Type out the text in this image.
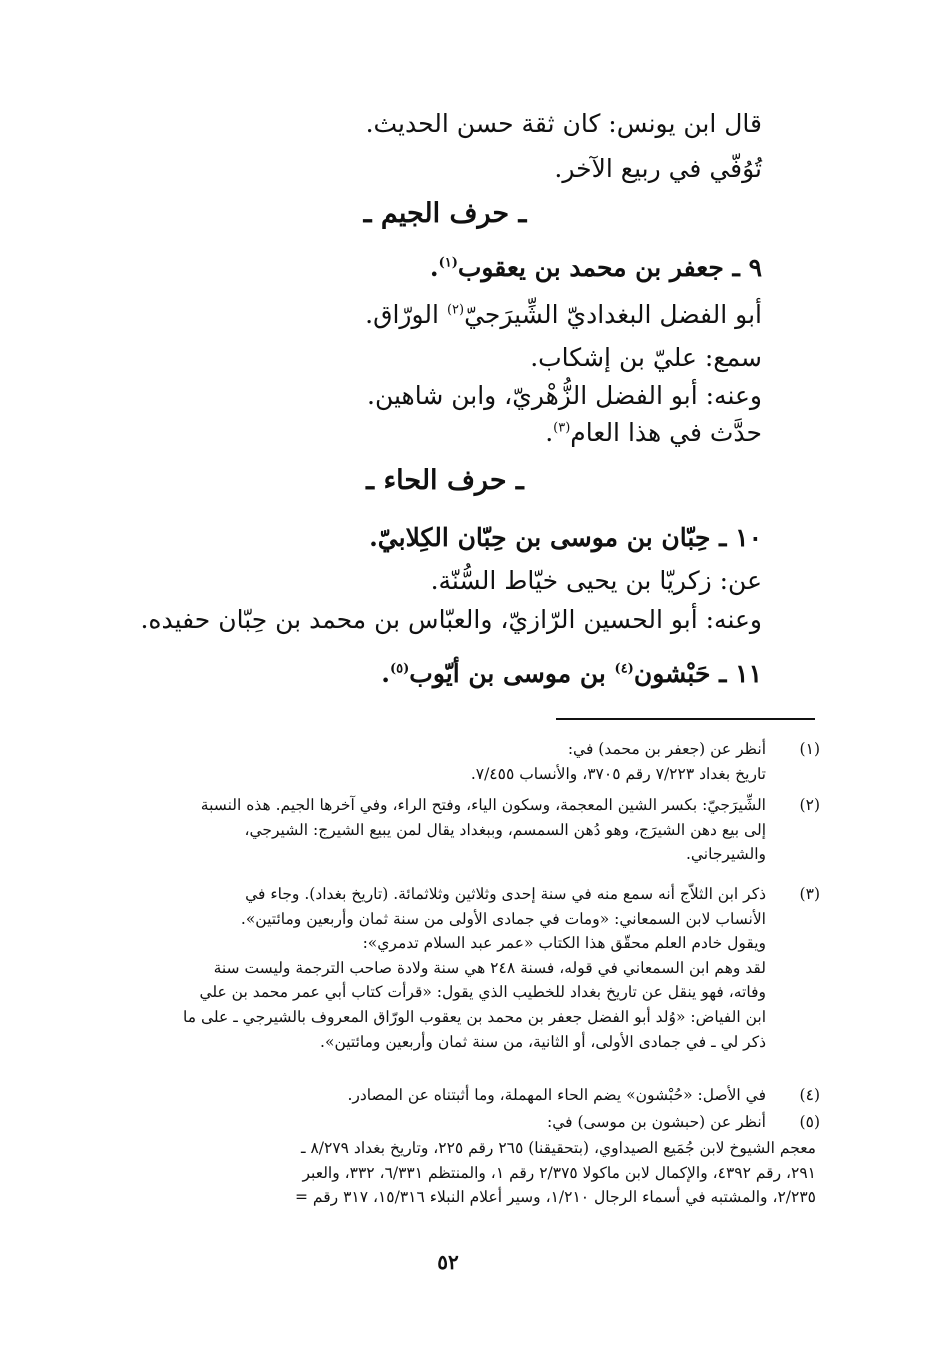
قال ابن يونس: كان ثقة حسن الحديث.
تُوُفّي في ربيع الآخر.
ـ حرف الجيم ـ
٩ ـ جعفر بن محمد بن يعقوب$^{(١)}$.
أبو الفضل البغداديّ الشِّيرَجيّ$^{(٢)}$ الورّاق.
سمع: عليّ بن إشكاب.
وعنه: أبو الفضل الزُّهْريّ، وابن شاهين.
حدَّث في هذا العام$^{(٣)}$.
ـ حرف الحاء ـ
١٠ ـ حِبّان بن موسى بن حِبّان الكِلابيّ.
عن: زكريّا بن يحيى خيّاط السُّنّة.
وعنه: أبو الحسين الرّازيّ، والعبّاس بن محمد بن حِبّان حفيده.
١١ ـ حَبْشون$^{(٤)}$ بن موسى بن أيّوب$^{(٥)}$.
(١)
أنظر عن (جعفر بن محمد) في:
تاريخ بغداد ٧/٢٢٣ رقم ٣٧٠٥، والأنساب ٧/٤٥٥.
(٢)
الشِّيرَجيّ: بكسر الشين المعجمة، وسكون الياء، وفتح الراء، وفي آخرها الجيم. هذه النسبة
إلى بيع دهن الشيرَج، وهو دُهن السمسم، وببغداد يقال لمن يبيع الشيرج: الشيرجي،
والشيرجاني.
(٣)
ذكر ابن الثلاّج أنه سمع منه في سنة إحدى وثلاثين وثلاثمائة. (تاريخ بغداد). وجاء في
الأنساب لابن السمعاني: «ومات في جمادى الأولى من سنة ثمان وأربعين ومائتين».
ويقول خادم العلم محقّق هذا الكتاب «عمر عبد السلام تدمري»:
لقد وهم ابن السمعاني في قوله، فسنة ٢٤٨ هي سنة ولادة صاحب الترجمة وليست سنة
وفاته، فهو ينقل عن تاريخ بغداد للخطيب الذي يقول: «قرأت كتاب أبي عمر محمد بن علي
ابن الفياض: «وُلد أبو الفضل جعفر بن محمد بن يعقوب الورّاق المعروف بالشيرجي ـ على ما
ذكر لي ـ في جمادى الأولى، أو الثانية، من سنة ثمان وأربعين ومائتين».
(٤)
في الأصل: «حُبْشون» يضم الحاء المهملة، وما أثبتناه عن المصادر.
(٥)
أنظر عن (حبشون بن موسى) في:
معجم الشيوخ لابن جُمَيع الصيداوي، (بتحقيقنا) ٢٦٥ رقم ٢٢٥، وتاريخ بغداد ٨/٢٧٩ ـ
٢٩١، رقم ٤٣٩٢، والإكمال لابن ماكولا ٢/٣٧٥ رقم ١، والمنتظم ٦/٣٣١، ٣٣٢، والعبر
٢/٢٣٥، والمشتبه في أسماء الرجال ١/٢١٠، وسير أعلام النبلاء ١٥/٣١٦، ٣١٧ رقم =
٥٢
